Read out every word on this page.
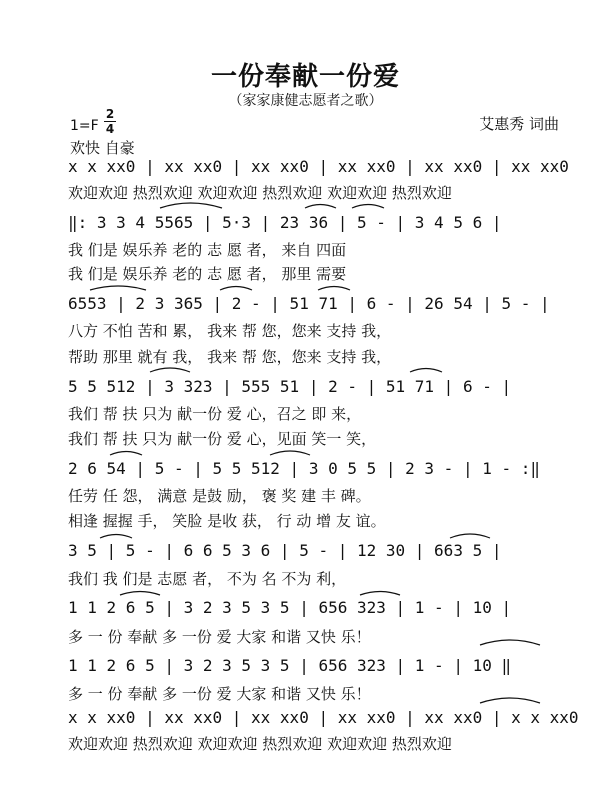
一份奉献一份爱
（家家康健志愿者之歌）
1=F
2
4	艾惠秀 词曲
欢快 自豪
x x xx0 | xx xx0 | xx xx0 | xx xx0 | xx xx0 | xx xx0
欢迎欢迎 热烈欢迎 欢迎欢迎 热烈欢迎 欢迎欢迎 热烈欢迎
‖: 3 3 4 5565 | 5·3 | 23 36 | 5 - | 3 4 5 6 |
我 们是 娱乐养 老的 志 愿 者， 来自 四面
我 们是 娱乐养 老的 志 愿 者， 那里 需要
6553 | 2 3 365 | 2 - | 51 71 | 6 - | 26 54 | 5 - |
八方 不怕 苦和 累， 我来 帮 您，您来 支持 我，
帮助 那里 就有 我， 我来 帮 您，您来 支持 我，
5 5 512 | 3 323 | 555 51 | 2 - | 51 71 | 6 - |
我们 帮 扶 只为 献一份 爱 心，召之 即 来，
我们 帮 扶 只为 献一份 爱 心，见面 笑一 笑，
2 6 54 | 5 - | 5 5 512 | 3 0 5 5 | 2 3 - | 1 - :‖
任劳 任 怨， 满意 是鼓 励， 褒 奖 建 丰 碑。
相逢 握握 手， 笑脸 是收 获， 行 动 增 友 谊。
3 5 | 5 - | 6 6 5 3 6 | 5 - | 12 30 | 663 5 |
我们 我 们是 志愿 者， 不为 名 不为 利，
1 1 2 6 5 | 3 2 3 5 3 5 | 656 323 | 1 - | 10 |
多 一 份 奉献 多 一份 爱 大家 和谐 又快 乐！
1 1 2 6 5 | 3 2 3 5 3 5 | 656 323 | 1 - | 10 ‖
多 一 份 奉献 多 一份 爱 大家 和谐 又快 乐！
x x xx0 | xx xx0 | xx xx0 | xx xx0 | xx xx0 | x x xx0
欢迎欢迎 热烈欢迎 欢迎欢迎 热烈欢迎 欢迎欢迎 热烈欢迎
